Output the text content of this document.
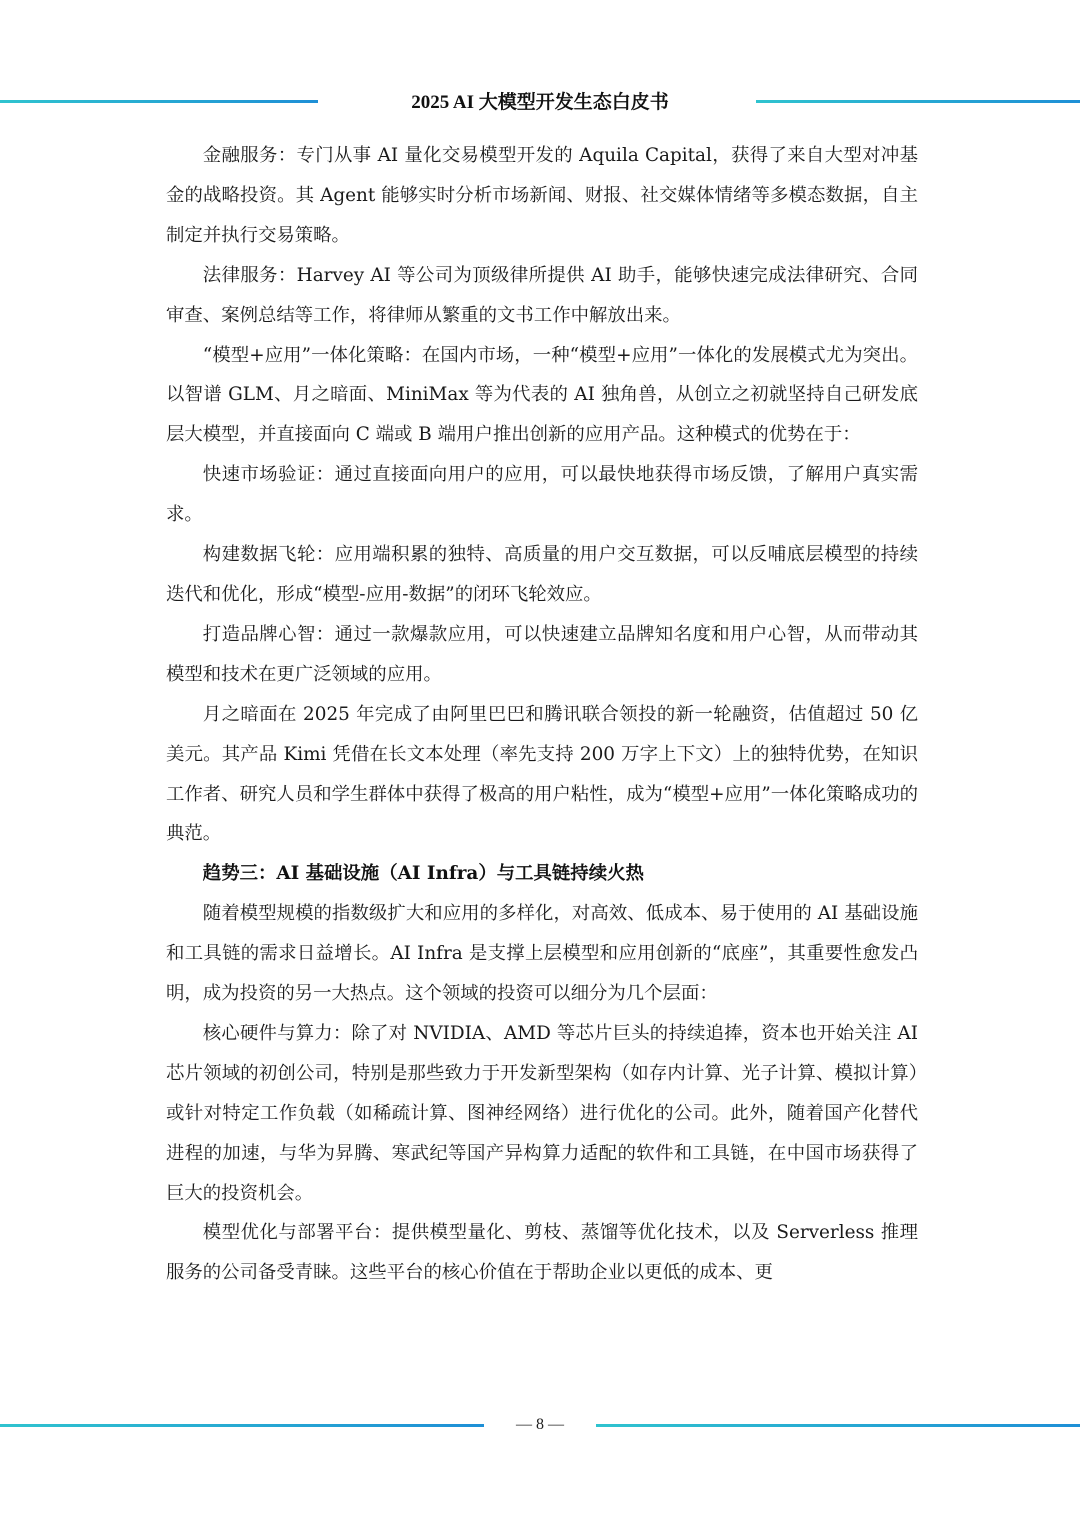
2025 AI 大模型开发生态白皮书

金融服务：专门从事 AI 量化交易模型开发的 Aquila Capital，获得了来自大型对冲基金的战略投资。其 Agent 能够实时分析市场新闻、财报、社交媒体情绪等多模态数据，自主制定并执行交易策略。

法律服务：Harvey AI 等公司为顶级律所提供 AI 助手，能够快速完成法律研究、合同审查、案例总结等工作，将律师从繁重的文书工作中解放出来。

“模型+应用”一体化策略：在国内市场，一种“模型+应用”一体化的发展模式尤为突出。以智谱 GLM、月之暗面、MiniMax 等为代表的 AI 独角兽，从创立之初就坚持自己研发底层大模型，并直接面向 C 端或 B 端用户推出创新的应用产品。这种模式的优势在于：

快速市场验证：通过直接面向用户的应用，可以最快地获得市场反馈，了解用户真实需求。

构建数据飞轮：应用端积累的独特、高质量的用户交互数据，可以反哺底层模型的持续迭代和优化，形成“模型-应用-数据”的闭环飞轮效应。

打造品牌心智：通过一款爆款应用，可以快速建立品牌知名度和用户心智，从而带动其模型和技术在更广泛领域的应用。

月之暗面在 2025 年完成了由阿里巴巴和腾讯联合领投的新一轮融资，估值超过 50 亿美元。其产品 Kimi 凭借在长文本处理（率先支持 200 万字上下文）上的独特优势，在知识工作者、研究人员和学生群体中获得了极高的用户粘性，成为“模型+应用”一体化策略成功的典范。

趋势三：AI 基础设施（AI Infra）与工具链持续火热

随着模型规模的指数级扩大和应用的多样化，对高效、低成本、易于使用的 AI 基础设施和工具链的需求日益增长。AI Infra 是支撑上层模型和应用创新的“底座”，其重要性愈发凸明，成为投资的另一大热点。这个领域的投资可以细分为几个层面：

核心硬件与算力：除了对 NVIDIA、AMD 等芯片巨头的持续追捧，资本也开始关注 AI 芯片领域的初创公司，特别是那些致力于开发新型架构（如存内计算、光子计算、模拟计算）或针对特定工作负载（如稀疏计算、图神经网络）进行优化的公司。此外，随着国产化替代进程的加速，与华为昇腾、寒武纪等国产异构算力适配的软件和工具链，在中国市场获得了巨大的投资机会。

模型优化与部署平台：提供模型量化、剪枝、蒸馏等优化技术，以及 Serverless 推理服务的公司备受青睐。这些平台的核心价值在于帮助企业以更低的成本、更

— 8 —
